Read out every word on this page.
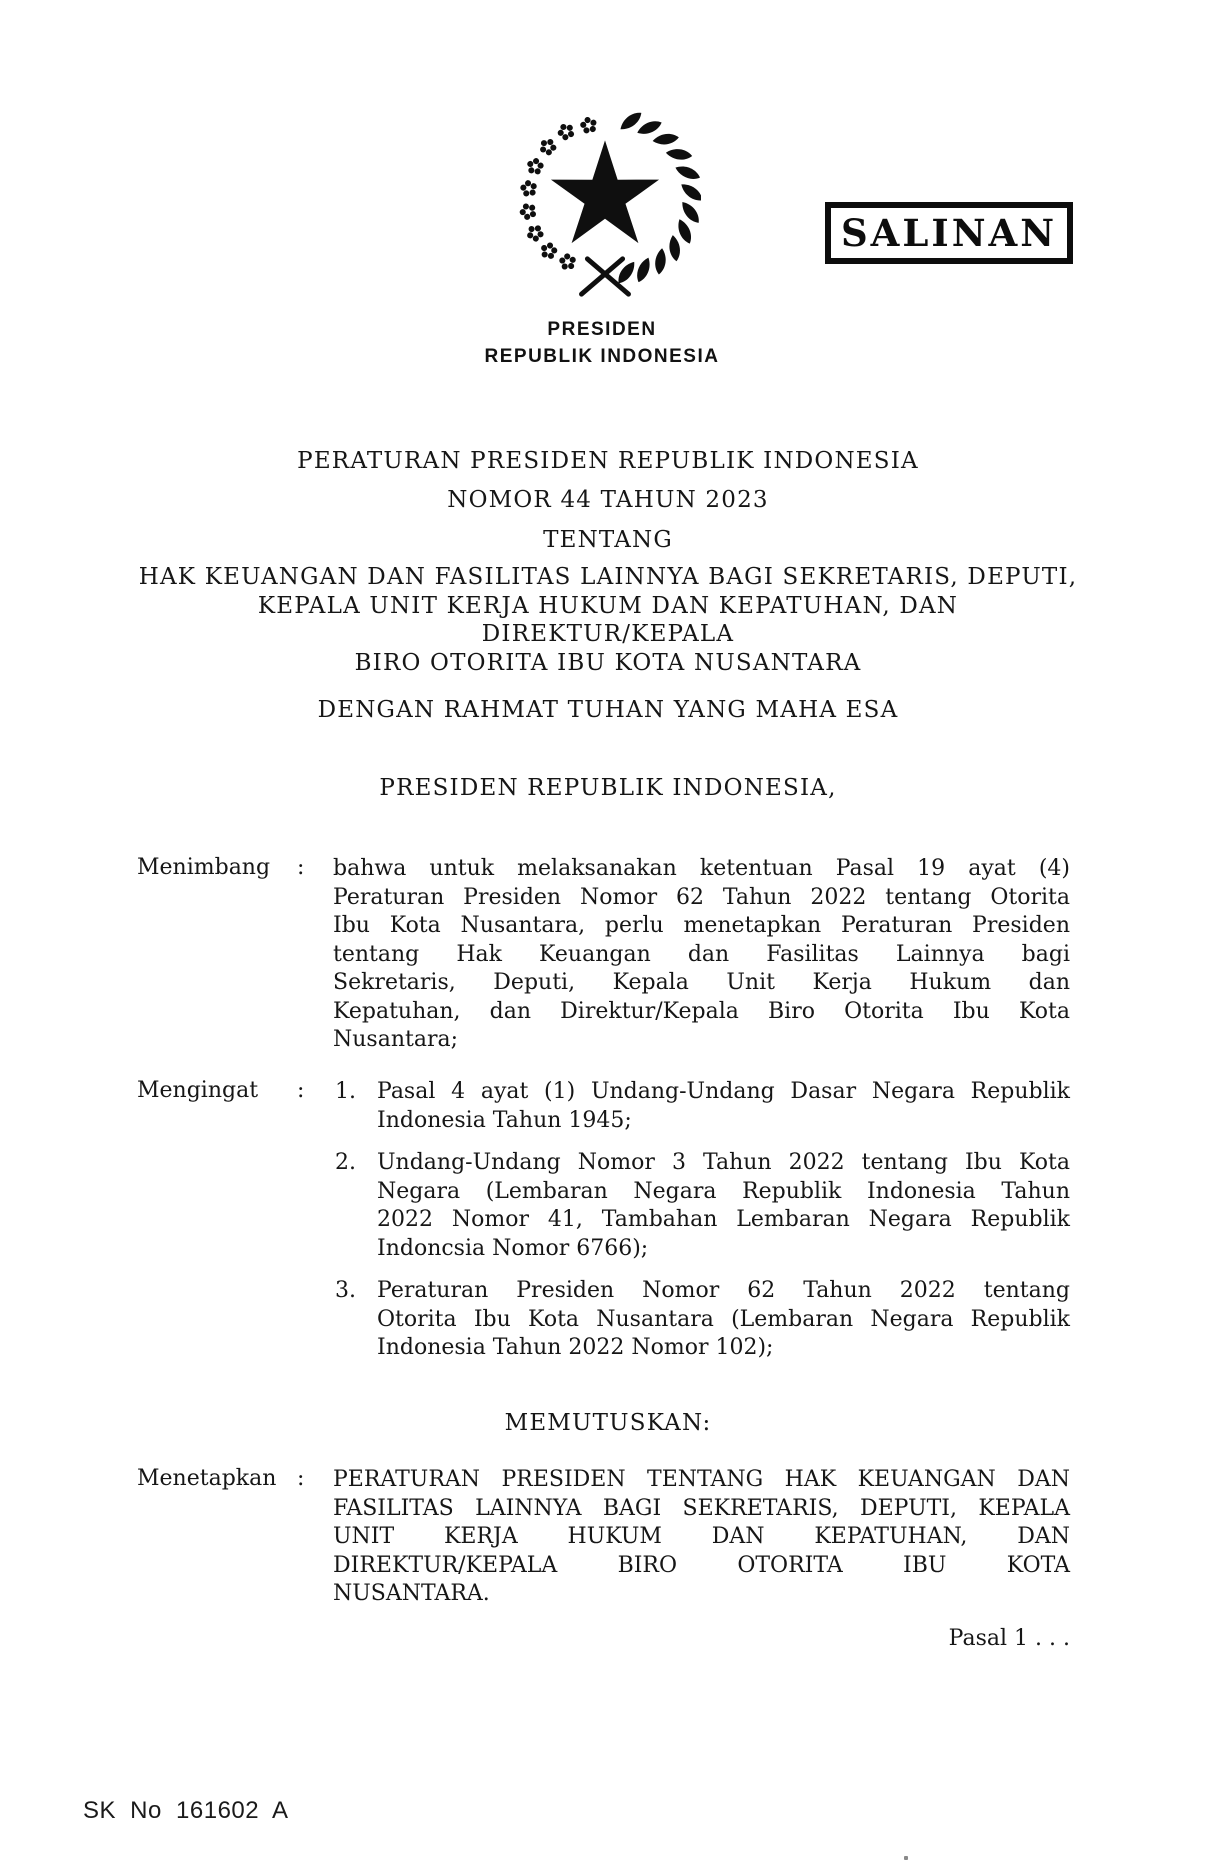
PRESIDEN
REPUBLIK INDONESIA
SALINAN
PERATURAN PRESIDEN REPUBLIK INDONESIA
NOMOR 44 TAHUN 2023
TENTANG
HAK KEUANGAN DAN FASILITAS LAINNYA BAGI SEKRETARIS, DEPUTI,
KEPALA UNIT KERJA HUKUM DAN KEPATUHAN, DAN DIREKTUR/KEPALA
BIRO OTORITA IBU KOTA NUSANTARA
DENGAN RAHMAT TUHAN YANG MAHA ESA
PRESIDEN REPUBLIK INDONESIA,
Menimbang : bahwa untuk melaksanakan ketentuan Pasal 19 ayat (4)
Peraturan Presiden Nomor 62 Tahun 2022 tentang Otorita
Ibu Kota Nusantara, perlu menetapkan Peraturan Presiden
tentang Hak Keuangan dan Fasilitas Lainnya bagi
Sekretaris, Deputi, Kepala Unit Kerja Hukum dan
Kepatuhan, dan Direktur/Kepala Biro Otorita Ibu Kota
Nusantara;
Mengingat : 1. Pasal 4 ayat (1) Undang-Undang Dasar Negara Republik
Indonesia Tahun 1945;
2. Undang-Undang Nomor 3 Tahun 2022 tentang Ibu Kota
Negara (Lembaran Negara Republik Indonesia Tahun
2022 Nomor 41, Tambahan Lembaran Negara Republik
Indoncsia Nomor 6766);
3. Peraturan Presiden Nomor 62 Tahun 2022 tentang
Otorita Ibu Kota Nusantara (Lembaran Negara Republik
Indonesia Tahun 2022 Nomor 102);
MEMUTUSKAN:
Menetapkan : PERATURAN PRESIDEN TENTANG HAK KEUANGAN DAN
FASILITAS LAINNYA BAGI SEKRETARIS, DEPUTI, KEPALA
UNIT KERJA HUKUM DAN KEPATUHAN, DAN
DIREKTUR/KEPALA BIRO OTORITA IBU KOTA
NUSANTARA.
Pasal 1 . . .
SK No 161602 A
